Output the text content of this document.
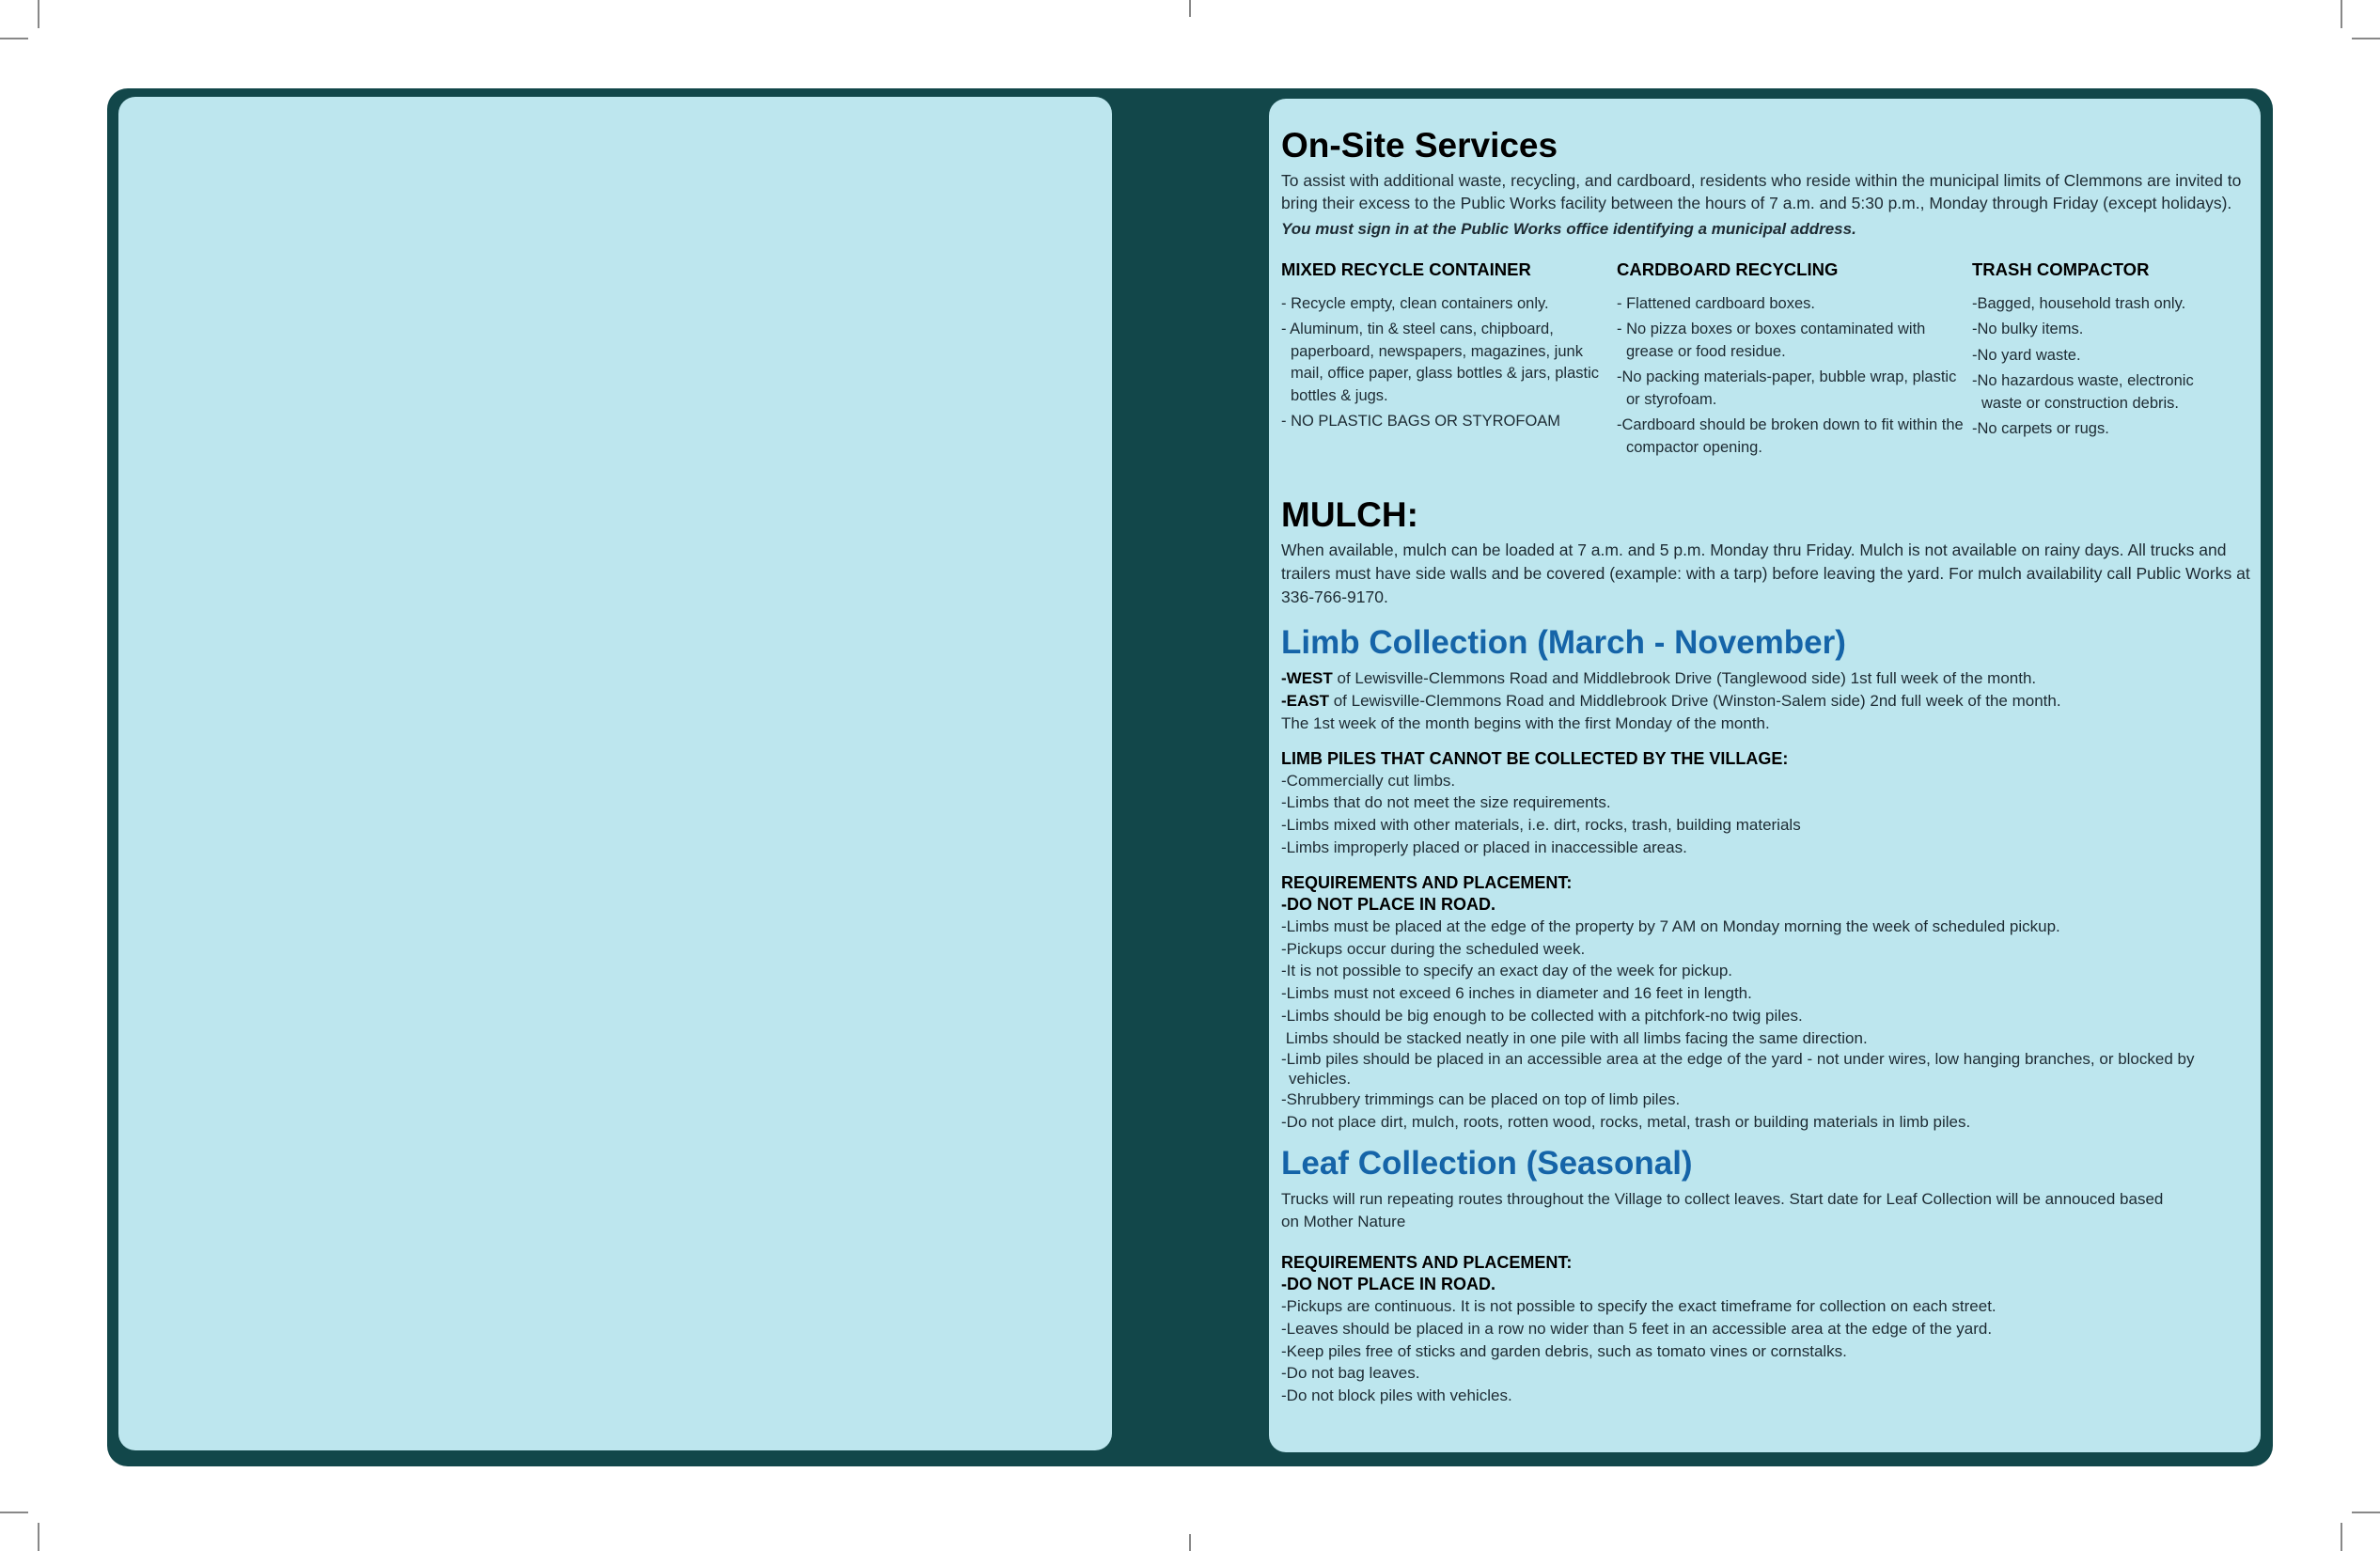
On-Site Services

To assist with additional waste, recycling, and cardboard, residents who reside within the municipal limits of Clemmons are invited to bring their excess to the Public Works facility between the hours of 7 a.m. and 5:30 p.m., Monday through Friday (except holidays).

You must sign in at the Public Works office identifying a municipal address.

MIXED RECYCLE CONTAINER

- Recycle empty, clean containers only.

- Aluminum, tin & steel cans, chipboard, paperboard, newspapers, magazines, junk mail, office paper, glass bottles & jars, plastic bottles & jugs.

- NO PLASTIC BAGS OR STYROFOAM

CARDBOARD RECYCLING

- Flattened cardboard boxes.

- No pizza boxes or boxes contaminated with grease or food residue.

-No packing materials-paper, bubble wrap, plastic or styrofoam.

-Cardboard should be broken down to fit within the compactor opening.

TRASH COMPACTOR

-Bagged, household trash only.

-No bulky items.

-No yard waste.

-No hazardous waste, electronic waste or construction debris.

-No carpets or rugs.

MULCH:

When available, mulch can be loaded at 7 a.m. and 5 p.m. Monday thru Friday. Mulch is not available on rainy days. All trucks and trailers must have side walls and be covered (example: with a tarp) before leaving the yard. For mulch availability call Public Works at 336-766-9170.

Limb Collection (March - November)

-WEST of Lewisville-Clemmons Road and Middlebrook Drive (Tanglewood side) 1st full week of the month.

-EAST of Lewisville-Clemmons Road and Middlebrook Drive (Winston-Salem side) 2nd full week of the month.

The 1st week of the month begins with the first Monday of the month.

LIMB PILES THAT CANNOT BE COLLECTED BY THE VILLAGE:

-Commercially cut limbs.

-Limbs that do not meet the size requirements.

-Limbs mixed with other materials, i.e. dirt, rocks, trash, building materials

-Limbs improperly placed or placed in inaccessible areas.

REQUIREMENTS AND PLACEMENT:

-DO NOT PLACE IN ROAD.

-Limbs must be placed at the edge of the property by 7 AM on Monday morning the week of scheduled pickup.

-Pickups occur during the scheduled week.

-It is not possible to specify an exact day of the week for pickup.

-Limbs must not exceed 6 inches in diameter and 16 feet in length.

-Limbs should be big enough to be collected with a pitchfork-no twig piles.

Limbs should be stacked neatly in one pile with all limbs facing the same direction.

-Limb piles should be placed in an accessible area at the edge of the yard - not under wires, low hanging branches, or blocked by vehicles.

-Shrubbery trimmings can be placed on top of limb piles.

-Do not place dirt, mulch, roots, rotten wood, rocks, metal, trash or building materials in limb piles.

Leaf Collection (Seasonal)

Trucks will run repeating routes throughout the Village to collect leaves. Start date for Leaf Collection will be annouced based on Mother Nature

REQUIREMENTS AND PLACEMENT:

-DO NOT PLACE IN ROAD.

-Pickups are continuous. It is not possible to specify the exact timeframe for collection on each street.

-Leaves should be placed in a row no wider than 5 feet in an accessible area at the edge of the yard.

-Keep piles free of sticks and garden debris, such as tomato vines or cornstalks.

-Do not bag leaves.

-Do not block piles with vehicles.
